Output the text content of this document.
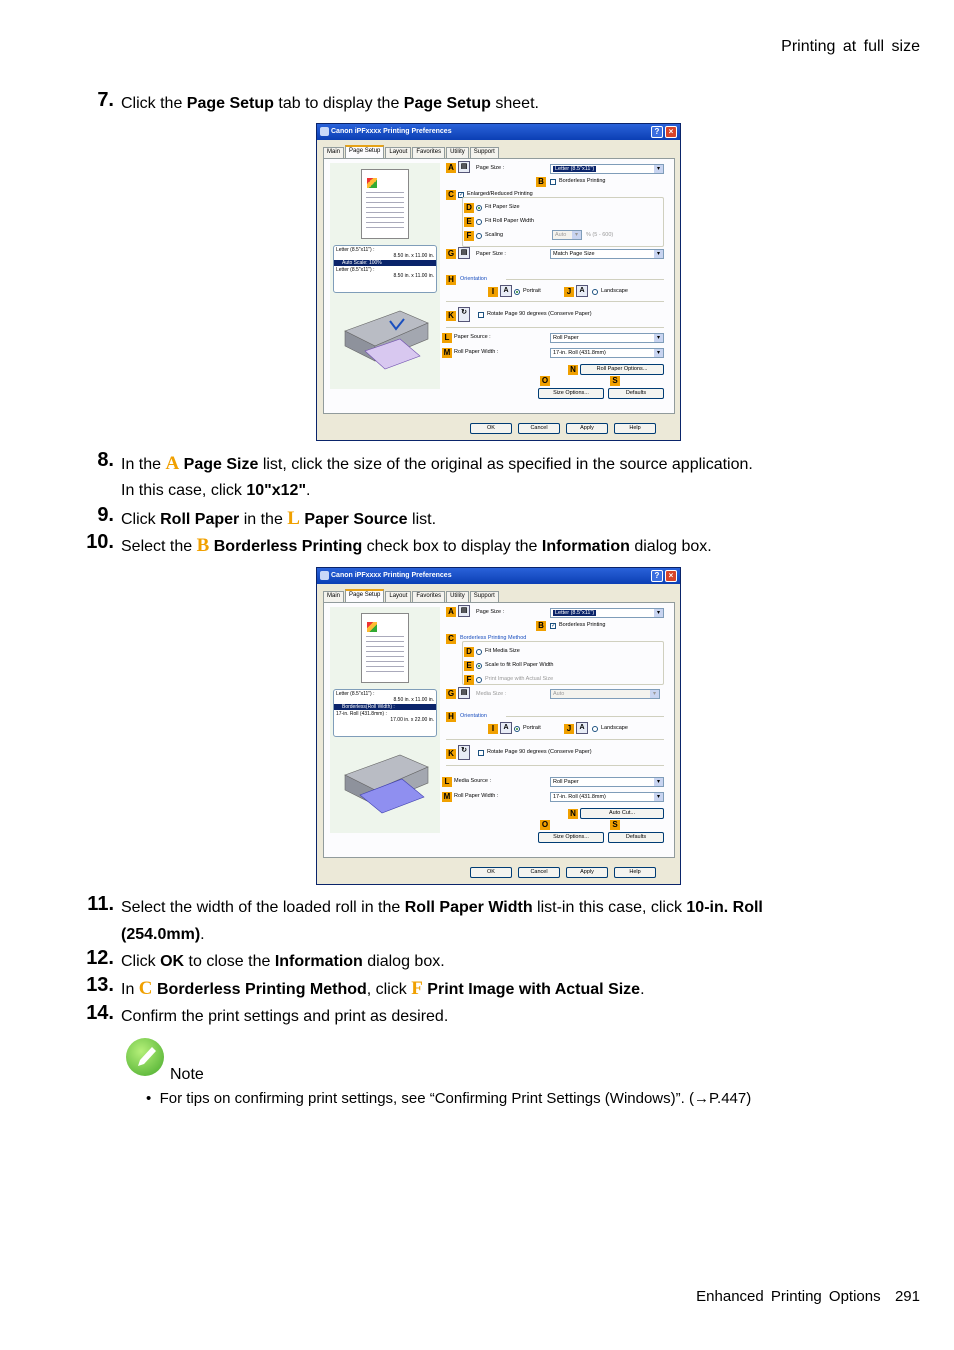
Printing at full size
7. Click the Page Setup tab to display the Page Setup sheet.
Canon iPFxxxx Printing Preferences	?	×
Main	Page Setup	Layout	Favorites	Utility	Support
Letter (8.5"x11") :
8.50 in. x 11.00 in.
Auto Scale: 100%
Letter (8.5"x11") :
8.50 in. x 11.00 in.
A ▤	Page Size :	Letter (8.5"x11") ▾
B	Borderless Printing
C ✓ Enlarged/Reduced Printing
D	Fit Paper Size
E	Fit Roll Paper Width
F	Scaling	Auto ▾	% (5 - 600)
G ▤	Paper Size :	Match Page Size ▾
H	Orientation
I	A	Portrait	J	A	Landscape
K	↻	Rotate Page 90 degrees (Conserve Paper)
L Paper Source :	Roll Paper ▾
M Roll Paper Width :	17-in. Roll (431.8mm) ▾
N	Roll Paper Options...
O	S
Size Options...	Defaults
OK	Cancel	Apply	Help
8. In the A Page Size list, click the size of the original as specified in the source application.
In this case, click 10"x12".
9. Click Roll Paper in the L Paper Source list.
10. Select the B Borderless Printing check box to display the Information dialog box.
Canon iPFxxxx Printing Preferences	?	×
Main	Page Setup	Layout	Favorites	Utility	Support
Letter (8.5"x11") :
8.50 in. x 11.00 in.
Borderless(Roll Width) :
17-in. Roll (431.8mm) :
17.00 in. x 22.00 in.
A ▤	Page Size :	Letter (8.5"x11") ▾
B	✓ Borderless Printing
C	Borderless Printing Method
D	Fit Media Size
E	Scale to fit Roll Paper Width
F	Print Image with Actual Size
G ▤	Media Size :	Auto ▾
H	Orientation
I	A	Portrait	J	A	Landscape
K	↻	Rotate Page 90 degrees (Conserve Paper)
L Media Source :	Roll Paper ▾
M Roll Paper Width :	17-in. Roll (431.8mm) ▾
N	Auto Cut...
O	S
Size Options...	Defaults
OK	Cancel	Apply	Help
11. Select the width of the loaded roll in the Roll Paper Width list-in this case, click 10-in. Roll
(254.0mm).
12. Click OK to close the Information dialog box.
13. In C Borderless Printing Method, click F Print Image with Actual Size.
14. Confirm the print settings and print as desired.
Note
• For tips on confirming print settings, see “Confirming Print Settings (Windows)”. (→P.447)
Enhanced Printing Options 291
